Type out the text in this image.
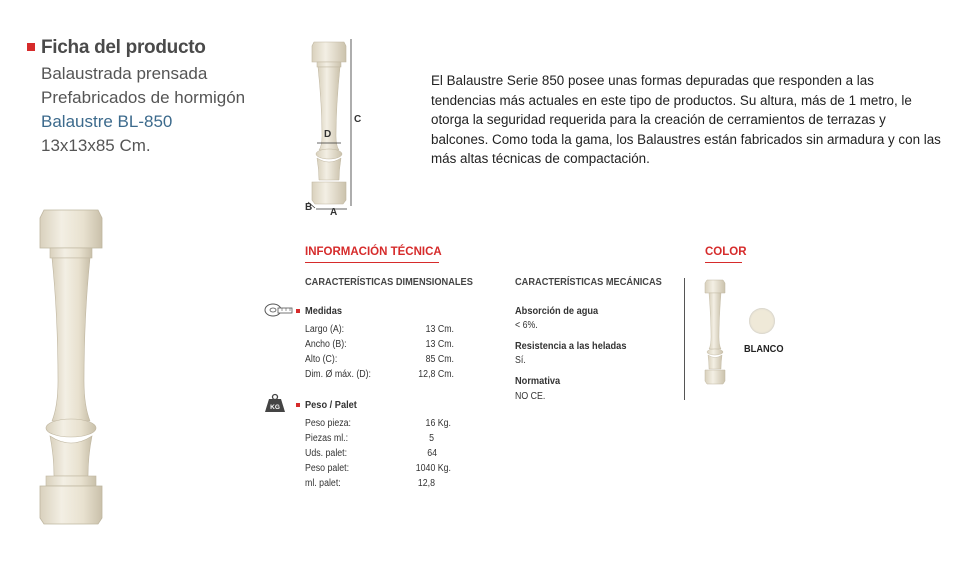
Ficha del producto
Balaustrada prensada
Prefabricados de hormigón
Balaustre BL-850
13x13x85 Cm.
C
D
B A
El Balaustre Serie 850 posee unas formas depuradas que responden a las tendencias más actuales en este tipo de productos. Su altura, más de 1 metro, le otorga la seguridad requerida para la creación de cerramientos de terrazas y balcones. Como toda la gama, los Balaustres están fabricados sin armadura y con las más altas técnicas de compactación.
INFORMACIÓN TÉCNICA
CARACTERÍSTICAS DIMENSIONALES	CARACTERÍSTICAS MECÁNICAS
Medidas
Largo (A):	13 Cm.
Ancho (B):	13 Cm.
Alto (C):	85 Cm.
Dim. Ø máx. (D):	12,8 Cm.
KG Peso / Palet
Peso pieza:	16 Kg.
Piezas ml.:	5
Uds. palet:	64
Peso palet:	1040 Kg.
ml. palet:	12,8
Absorción de agua
< 6%.
Resistencia a las heladas
Sí.
Normativa
NO CE.
COLOR
BLANCO
